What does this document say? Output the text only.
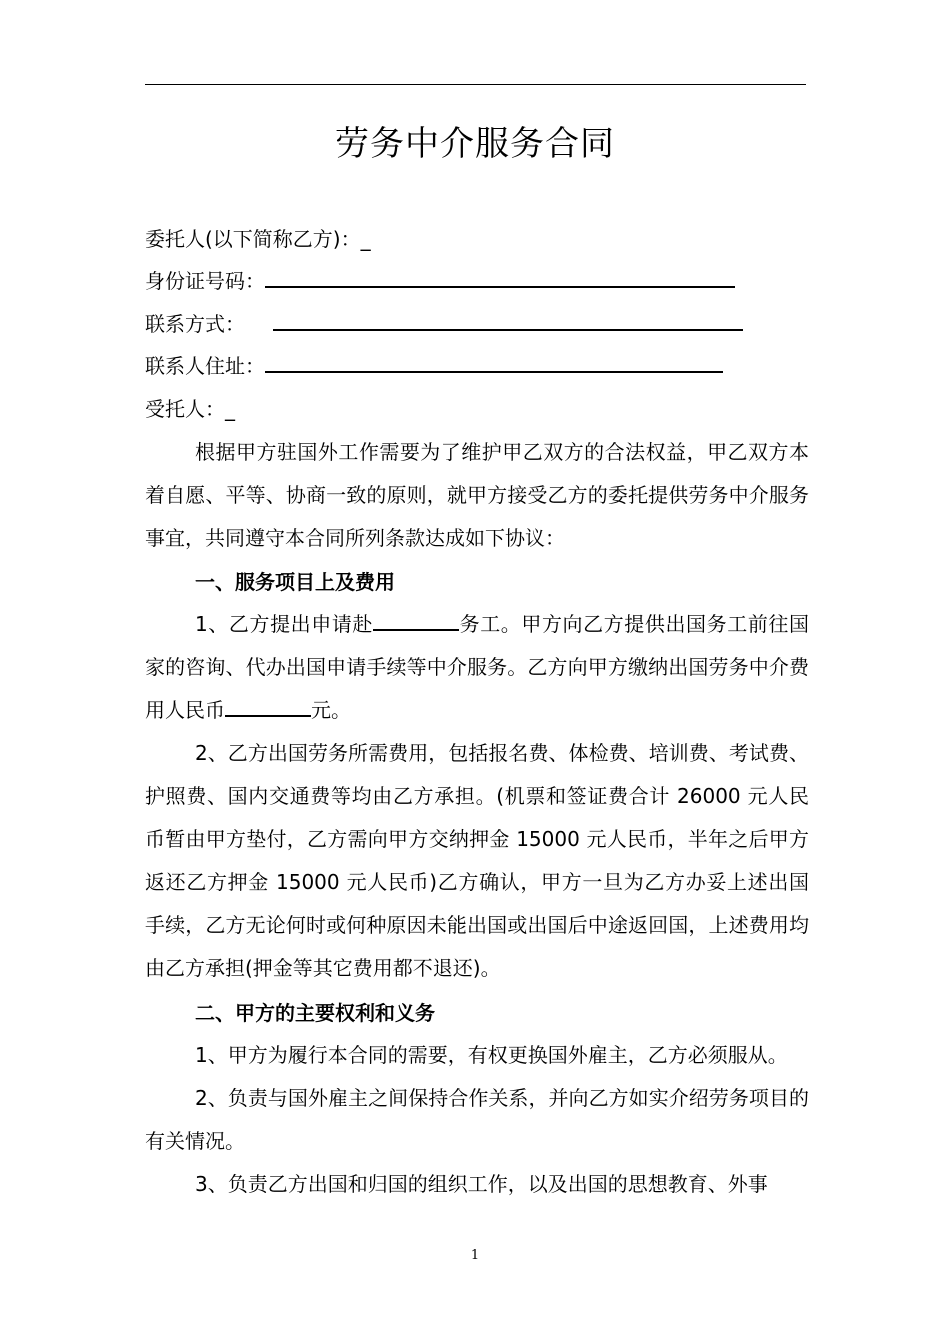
劳务中介服务合同
委托人(以下简称乙方)：_
身份证号码：
联系方式：
联系人住址：
受托人：_

根据甲方驻国外工作需要为了维护甲乙双方的合法权益，甲乙双方本着自愿、平等、协商一致的原则，就甲方接受乙方的委托提供劳务中介服务事宜，共同遵守本合同所列条款达成如下协议：

一、服务项目上及费用

1、乙方提出申请赴	务工。甲方向乙方提供出国务工前往国家的咨询、代办出国申请手续等中介服务。乙方向甲方缴纳出国劳务中介费用人民币	元。

2、乙方出国劳务所需费用，包括报名费、体检费、培训费、考试费、护照费、国内交通费等均由乙方承担。(机票和签证费合计 26000 元人民币暂由甲方垫付，乙方需向甲方交纳押金 15000 元人民币，半年之后甲方返还乙方押金 15000 元人民币)乙方确认，甲方一旦为乙方办妥上述出国手续，乙方无论何时或何种原因未能出国或出国后中途返回国，上述费用均由乙方承担(押金等其它费用都不退还)。

二、甲方的主要权利和义务

1、甲方为履行本合同的需要，有权更换国外雇主，乙方必须服从。

2、负责与国外雇主之间保持合作关系，并向乙方如实介绍劳务项目的有关情况。

3、负责乙方出国和归国的组织工作，以及出国的思想教育、外事

1
